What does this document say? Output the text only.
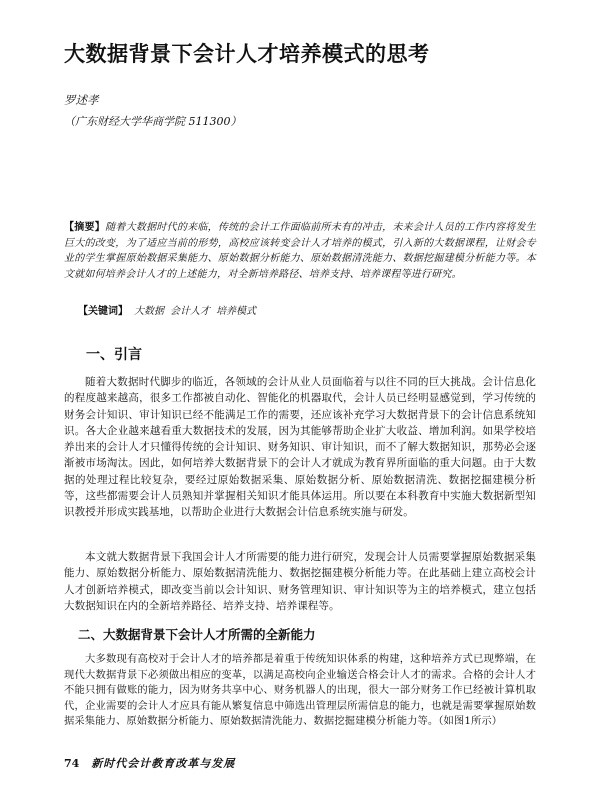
大数据背景下会计人才培养模式的思考
罗述孝
（广东财经大学华商学院 511300）
【摘要】随着大数据时代的来临，传统的会计工作面临前所未有的冲击，未来会计人员的工作内容将发生巨大的改变，为了适应当前的形势，高校应该转变会计人才培养的模式，引入新的大数据课程，让财会专业的学生掌握原始数据采集能力、原始数据分析能力、原始数据清洗能力、数据挖掘建模分析能力等。本文就如何培养会计人才的上述能力，对全新培养路径、培养支持、培养课程等进行研究。
【关键词】 大数据 会计人才 培养模式
一、引言
随着大数据时代脚步的临近，各领域的会计从业人员面临着与以往不同的巨大挑战。会计信息化的程度越来越高，很多工作都被自动化、智能化的机器取代，会计人员已经明显感觉到，学习传统的财务会计知识、审计知识已经不能满足工作的需要，还应该补充学习大数据背景下的会计信息系统知识。各大企业越来越看重大数据技术的发展，因为其能够帮助企业扩大收益、增加利润。如果学校培养出来的会计人才只懂得传统的会计知识、财务知识、审计知识，而不了解大数据知识，那势必会逐渐被市场淘汰。因此，如何培养大数据背景下的会计人才就成为教育界所面临的重大问题。由于大数据的处理过程比较复杂，要经过原始数据采集、原始数据分析、原始数据清洗、数据挖掘建模分析等，这些都需要会计人员熟知并掌握相关知识才能具体运用。所以要在本科教育中实施大数据新型知识教授并形成实践基地，以帮助企业进行大数据会计信息系统实施与研发。
本文就大数据背景下我国会计人才所需要的能力进行研究，发现会计人员需要掌握原始数据采集能力、原始数据分析能力、原始数据清洗能力、数据挖掘建模分析能力等。在此基础上建立高校会计人才创新培养模式，即改变当前以会计知识、财务管理知识、审计知识等为主的培养模式，建立包括大数据知识在内的全新培养路径、培养支持、培养课程等。
二、大数据背景下会计人才所需的全新能力
大多数现有高校对于会计人才的培养都是着重于传统知识体系的构建，这种培养方式已现弊端，在现代大数据背景下必须做出相应的变革，以满足高校向企业输送合格会计人才的需求。合格的会计人才不能只拥有做账的能力，因为财务共享中心、财务机器人的出现，很大一部分财务工作已经被计算机取代，企业需要的会计人才应具有能从繁复信息中筛选出管理层所需信息的能力，也就是需要掌握原始数据采集能力、原始数据分析能力、原始数据清洗能力、数据挖掘建模分析能力等。（如图1所示）
74 新时代会计教育改革与发展
